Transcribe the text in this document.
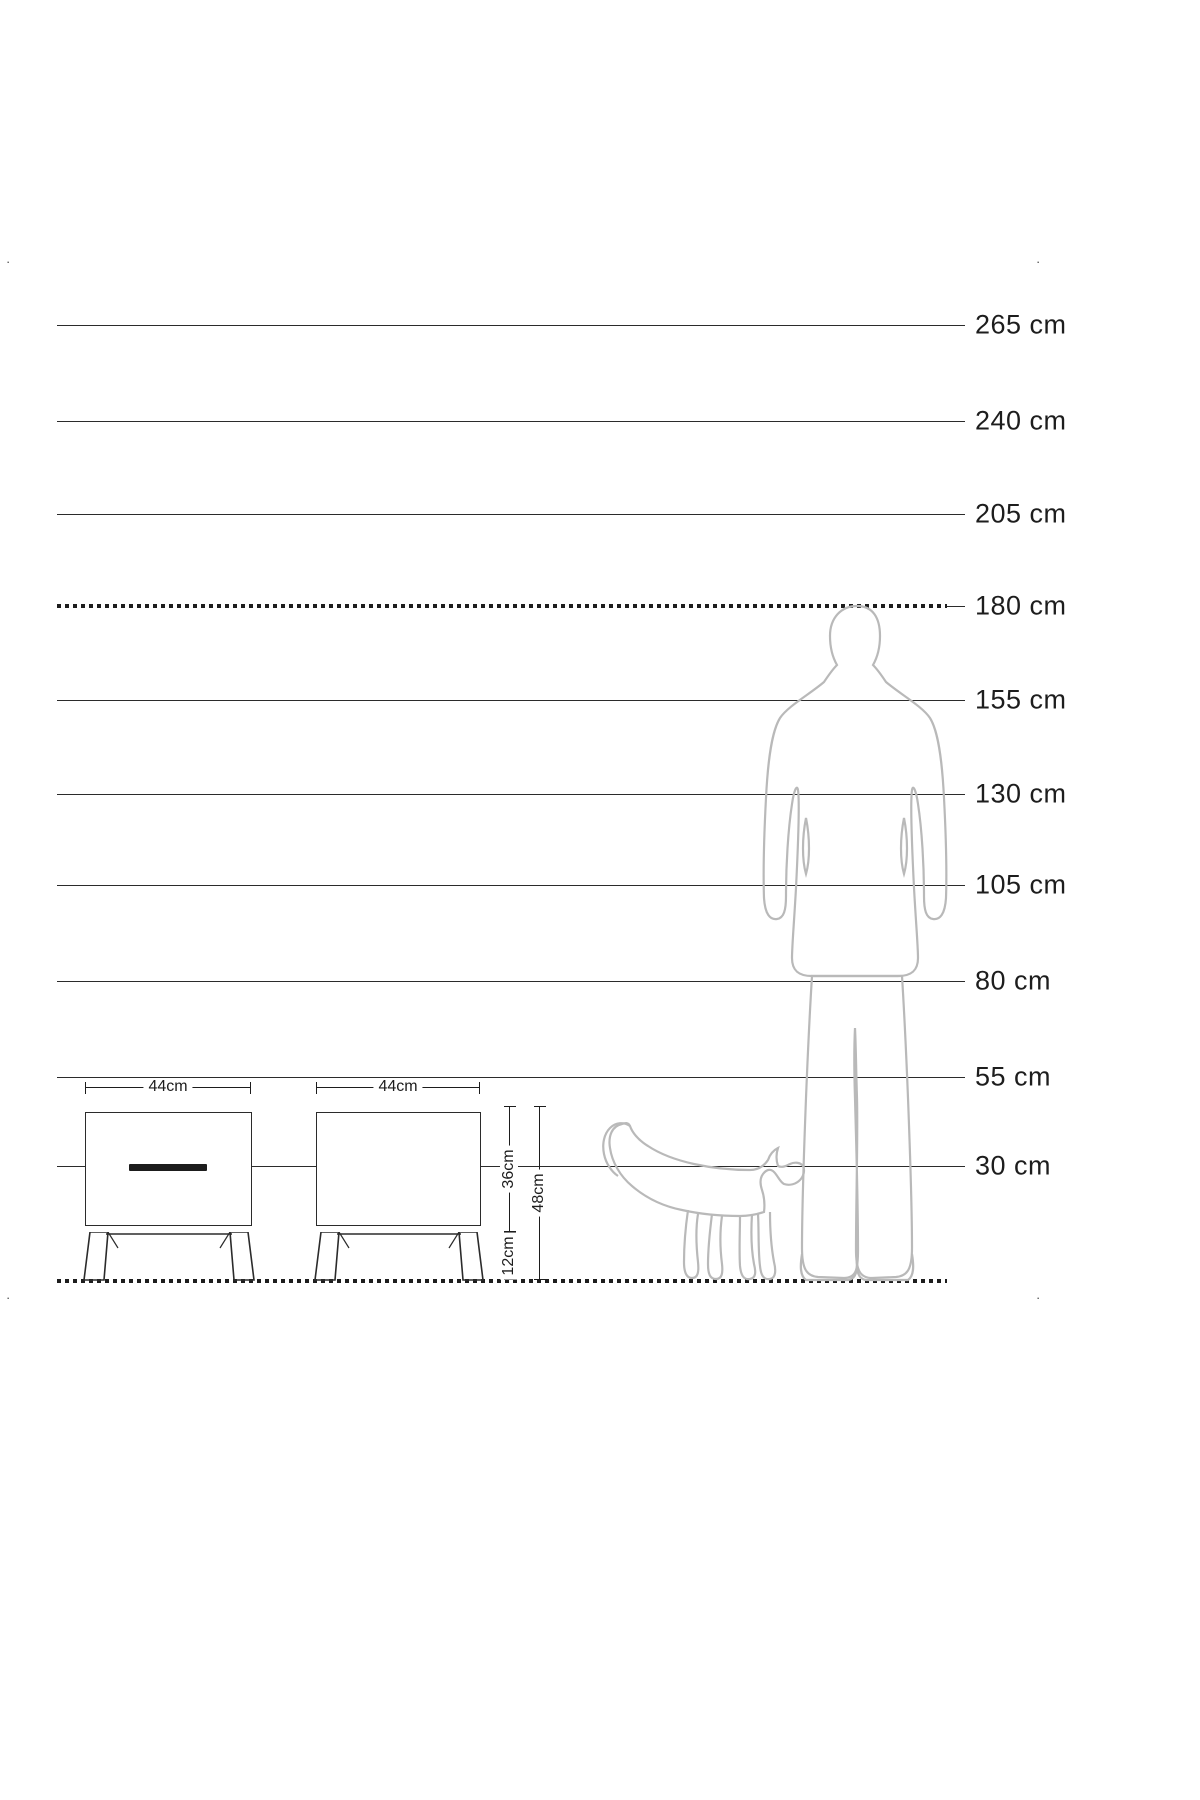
·	·
·	·
265 cm
240 cm
205 cm
180 cm
155 cm
130 cm
105 cm
80 cm
55 cm
30 cm
44cm	44cm
12cm
36cm
48cm
